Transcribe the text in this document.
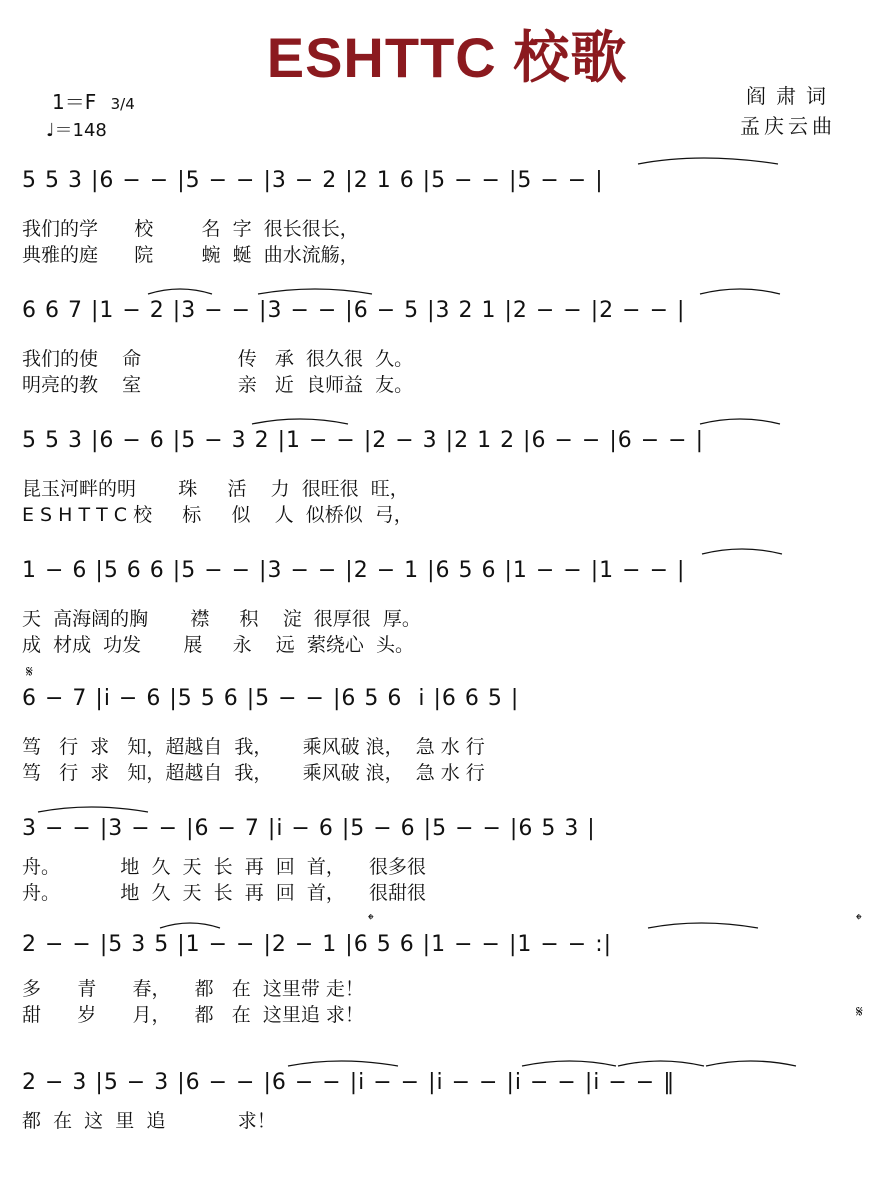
ESHTTC 校歌
1＝F 3/4
♩＝148
阎肃词
孟庆云曲
5 5 3 |6 − − |5 − − |3 − 2 |2 1 6 |5 − − |5 − − |
我们的学      校        名  字  很长很长，
典雅的庭      院        蜿  蜒  曲水流觞，
6 6 7 |1 − 2 |3 − − |3 − − |6 − 5 |3 2 1 |2 − − |2 − − |
我们的使    命                传   承  很久很  久。
明亮的教    室                亲   近  良师益  友。
5 5 3 |6 − 6 |5 − 3 2 |1 − − |2 − 3 |2 1 2 |6 − − |6 − − |
昆玉河畔的明       珠     活    力  很旺很  旺，
E S H T T C 校     标     似    人  似桥似  弓，
1 − 6 |5 6 6 |5 − − |3 − − |2 − 1 |6 5 6 |1 − − |1 − − |
天  高海阔的胸       襟     积    淀  很厚很  厚。
成  材成  功发       展     永    远  萦绕心  头。
𝄋
6 − 7 |i − 6 |5 5 6 |5 − − |6 5 6  i |6 6 5 |
笃   行  求   知，超越自  我，     乘风破 浪，  急 水 行
笃   行  求   知，超越自  我，     乘风破 浪，  急 水 行
3 − − |3 − − |6 − 7 |i − 6 |5 − 6 |5 − − |6 5 3 |
舟。          地  久  天  长  再  回  首，    很多很
舟。          地  久  天  长  再  回  首，    很甜很
𝄌	𝄌
2 − − |5 3 5 |1 − − |2 − 1 |6 5 6 |1 − − |1 − − :|
多      青      春，    都   在  这里带 走！
甜      岁      月，    都   在  这里追 求！	𝄋
2 − 3 |5 − 3 |6 − − |6 − − |i − − |i − − |i − − |i − − ‖
都  在  这  里  追            求！
